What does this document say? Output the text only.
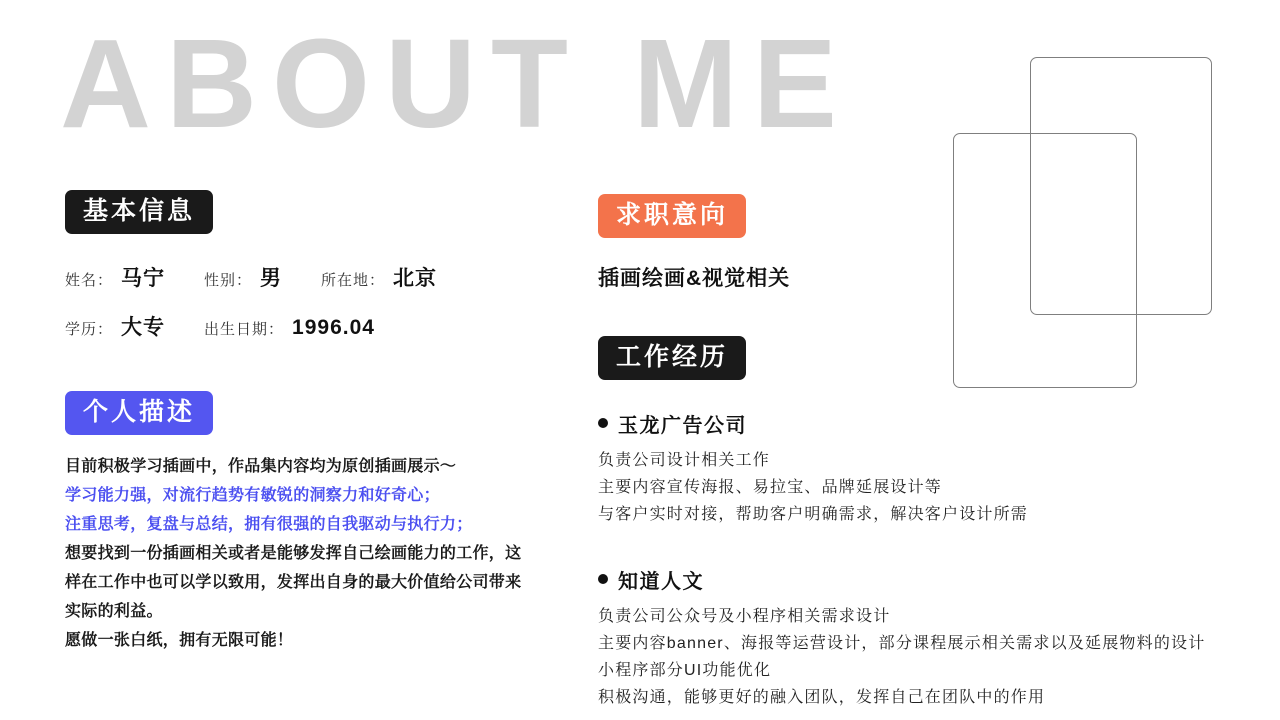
ABOUT ME
基本信息
姓名： 马宁	性别： 男	所在地： 北京
学历： 大专	出生日期： 1996.04
个人描述
目前积极学习插画中，作品集内容均为原创插画展示～
学习能力强，对流行趋势有敏锐的洞察力和好奇心；
注重思考，复盘与总结，拥有很强的自我驱动与执行力；
想要找到一份插画相关或者是能够发挥自己绘画能力的工作，这
样在工作中也可以学以致用，发挥出自身的最大价值给公司带来
实际的利益。
愿做一张白纸，拥有无限可能！
求职意向
插画绘画&视觉相关
工作经历
玉龙广告公司
负责公司设计相关工作
主要内容宣传海报、易拉宝、品牌延展设计等
与客户实时对接，帮助客户明确需求，解决客户设计所需
知道人文
负责公司公众号及小程序相关需求设计
主要内容banner、海报等运营设计，部分课程展示相关需求以及延展物料的设计
小程序部分UI功能优化
积极沟通，能够更好的融入团队，发挥自己在团队中的作用
